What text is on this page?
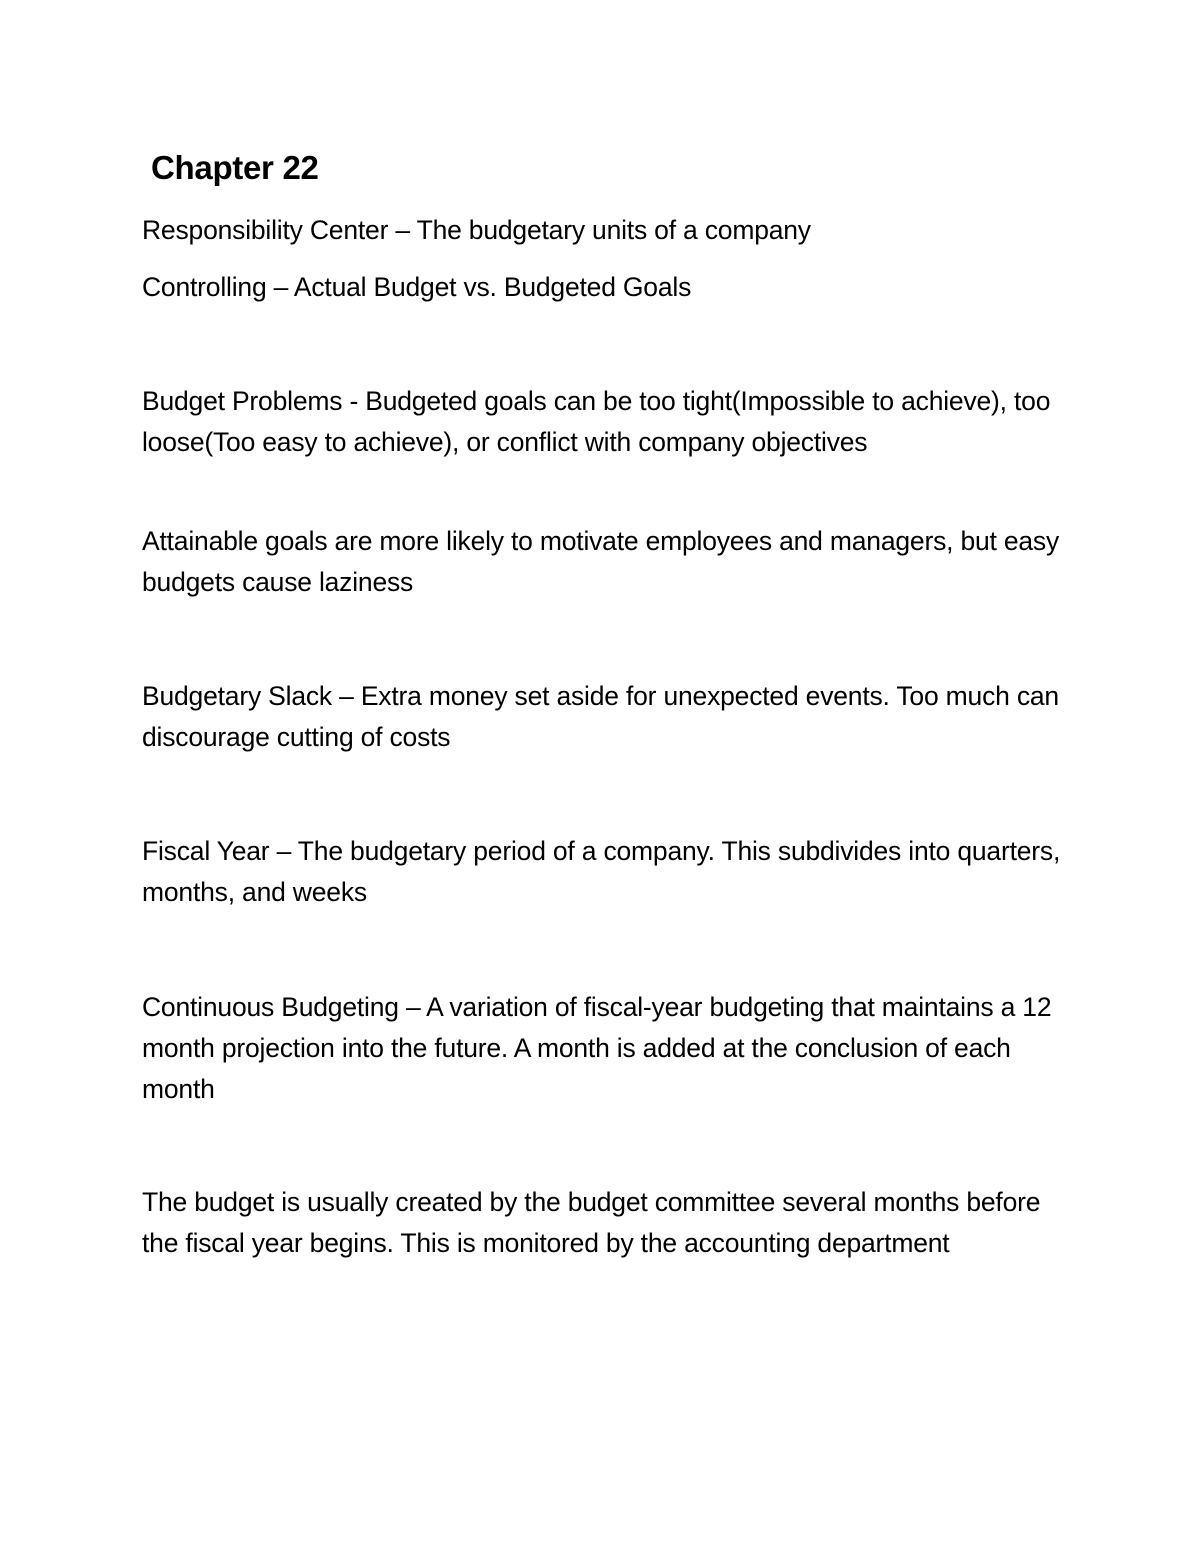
Chapter 22
Responsibility Center – The budgetary units of a company
Controlling – Actual Budget vs. Budgeted Goals
Budget Problems - Budgeted goals can be too tight(Impossible to achieve), too loose(Too easy to achieve), or conflict with company objectives
Attainable goals are more likely to motivate employees and managers, but easy budgets cause laziness
Budgetary Slack – Extra money set aside for unexpected events. Too much can discourage cutting of costs
Fiscal Year – The budgetary period of a company. This subdivides into quarters, months, and weeks
Continuous Budgeting – A variation of fiscal-year budgeting that maintains a 12 month projection into the future. A month is added at the conclusion of each month
The budget is usually created by the budget committee several months before the fiscal year begins. This is monitored by the accounting department
